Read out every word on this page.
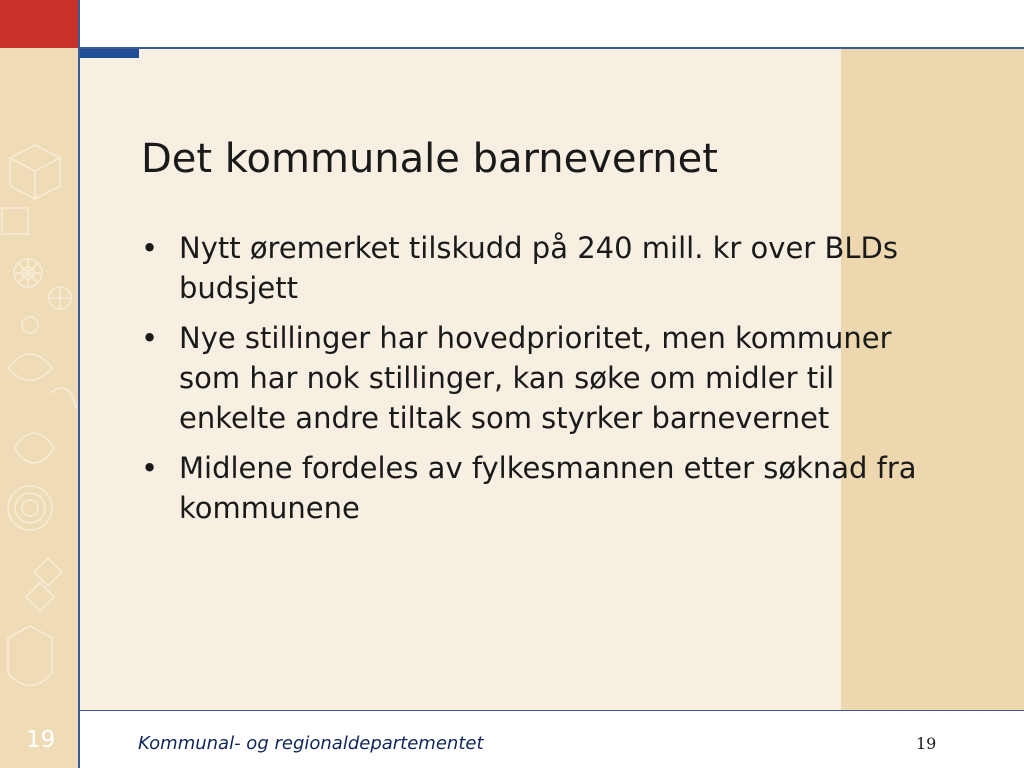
19
Det kommunale barnevernet
• Nytt øremerket tilskudd på 240 mill. kr over BLDs budsjett
• Nye stillinger har hovedprioritet, men kommuner som har nok stillinger, kan søke om midler til enkelte andre tiltak som styrker barnevernet
• Midlene fordeles av fylkesmannen etter søknad fra kommunene
Kommunal- og regionaldepartementet	19
